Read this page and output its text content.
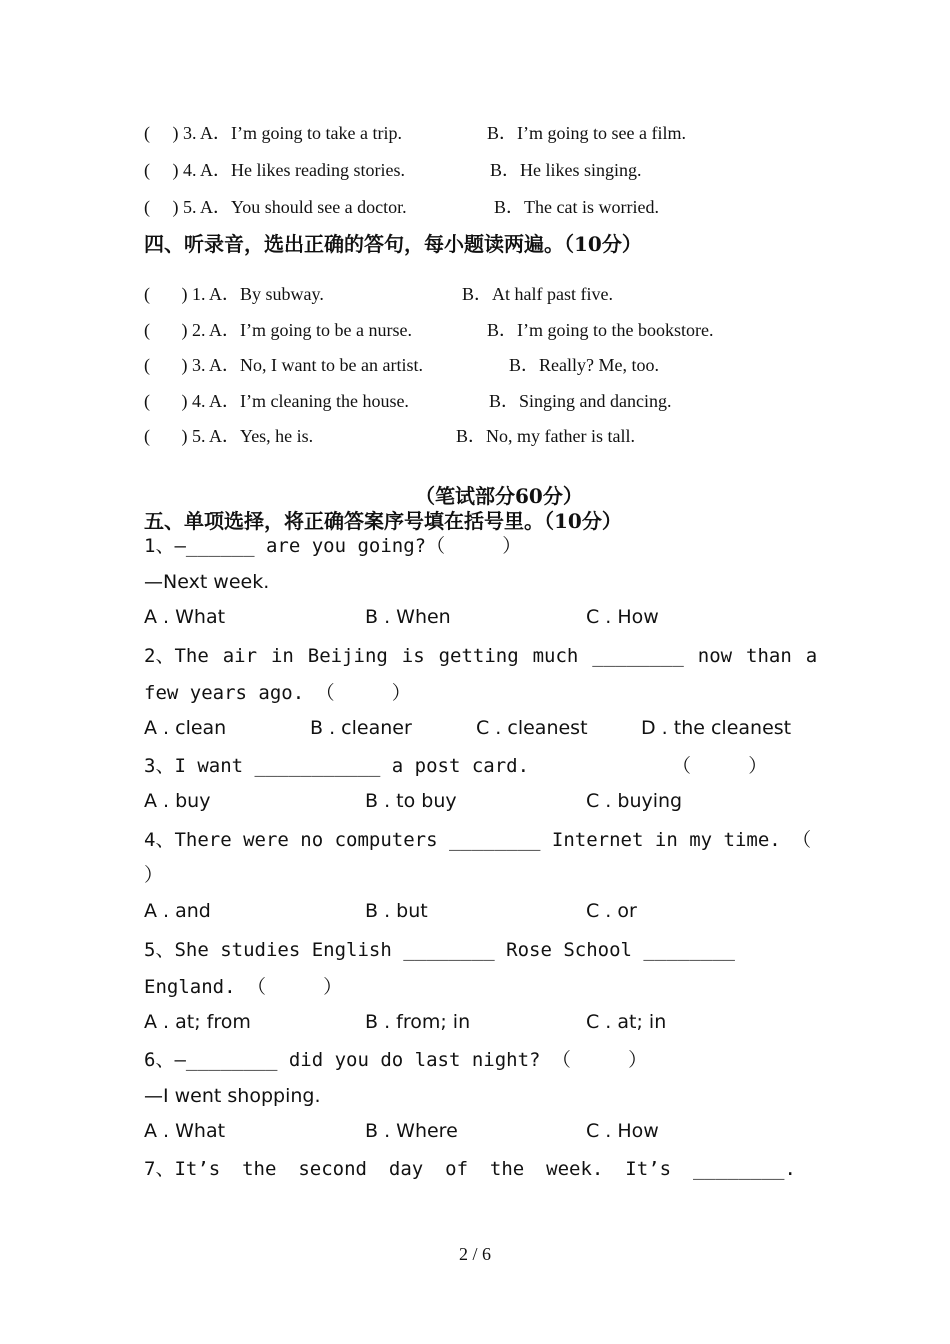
(     ) 3. A．I’m going to take a trip.	B．I’m going to see a film.
(     ) 4. A．He likes reading stories.	B．He likes singing.
(     ) 5. A．You should see a doctor.	B．The cat is worried.
四、听录音，选出正确的答句，每小题读两遍。（10分）
(       ) 1. A．By subway.	B．At half past five.
(       ) 2. A．I’m going to be a nurse.	B．I’m going to the bookstore.
(       ) 3. A．No, I want to be an artist.	B．Really? Me, too.
(       ) 4. A．I’m cleaning the house.	B．Singing and dancing.
(       ) 5. A．Yes, he is.	B．No, my father is tall.
（笔试部分60分）
五、单项选择，将正确答案序号填在括号里。（10分）
1、—______ are you going?（     ）
—Next week.
A . What	B . When	C . How
2、The air in Beijing is getting much ________ now than a
few years ago. （     ）
A . clean	B . cleaner	C . cleanest	D . the cleanest
3、I want ___________ a post card.	（     ）
A . buy	B . to buy	C . buying
4、There were no computers ________ Internet in my time. （
）
A . and	B . but	C . or
5、She studies English ________ Rose School ________
England. （     ）
A . at; from	B . from; in	C . at; in
6、—________ did you do last night? （     ）
—I went shopping.
A . What	B . Where	C . How
7、It’s the second day of the week. It’s ________.
2 / 6
